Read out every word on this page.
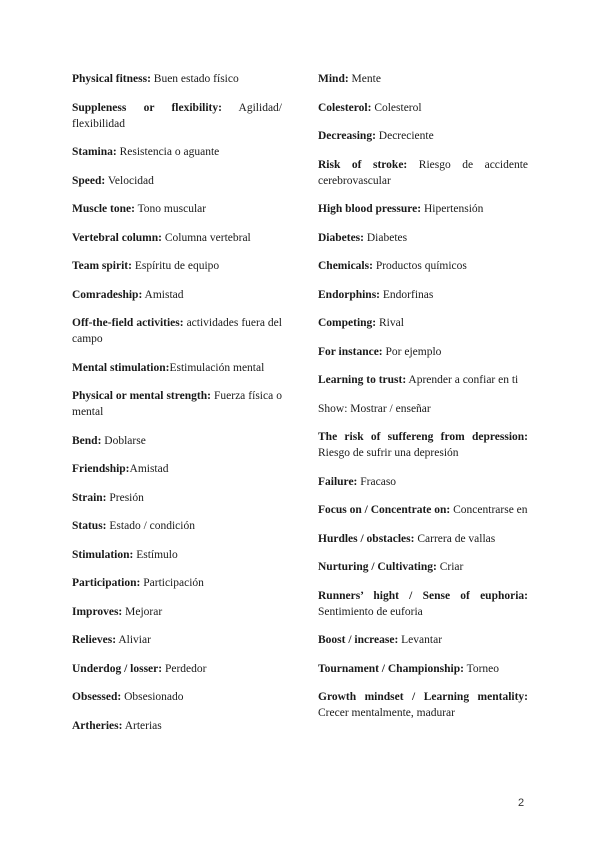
Physical fitness: Buen estado físico

Suppleness or flexibility: Agilidad/ flexibilidad

Stamina: Resistencia o aguante

Speed: Velocidad

Muscle tone: Tono muscular

Vertebral column: Columna vertebral

Team spirit: Espíritu de equipo

Comradeship: Amistad

Off-the-field activities: actividades fuera del campo

Mental stimulation:Estimulación mental

Physical or mental strength: Fuerza física o mental

Bend: Doblarse

Friendship:Amistad

Strain: Presión

Status: Estado / condición

Stimulation: Estímulo

Participation: Participación

Improves: Mejorar

Relieves: Aliviar

Underdog / losser: Perdedor

Obsessed: Obsesionado

Artheries: Arterias

Mind: Mente

Colesterol: Colesterol

Decreasing: Decreciente

Risk of stroke: Riesgo de accidente cerebrovascular

High blood pressure: Hipertensión

Diabetes: Diabetes

Chemicals: Productos químicos

Endorphins: Endorfinas

Competing: Rival

For instance: Por ejemplo

Learning to trust: Aprender a confiar en ti

Show: Mostrar / enseñar

The risk of suffereng from depression: Riesgo de sufrir una depresión

Failure: Fracaso

Focus on / Concentrate on: Concentrarse en

Hurdles / obstacles: Carrera de vallas

Nurturing / Cultivating: Criar

Runners’ hight / Sense of euphoria: Sentimiento de euforia

Boost / increase: Levantar

Tournament / Championship: Torneo

Growth mindset / Learning mentality: Crecer mentalmente, madurar

2
